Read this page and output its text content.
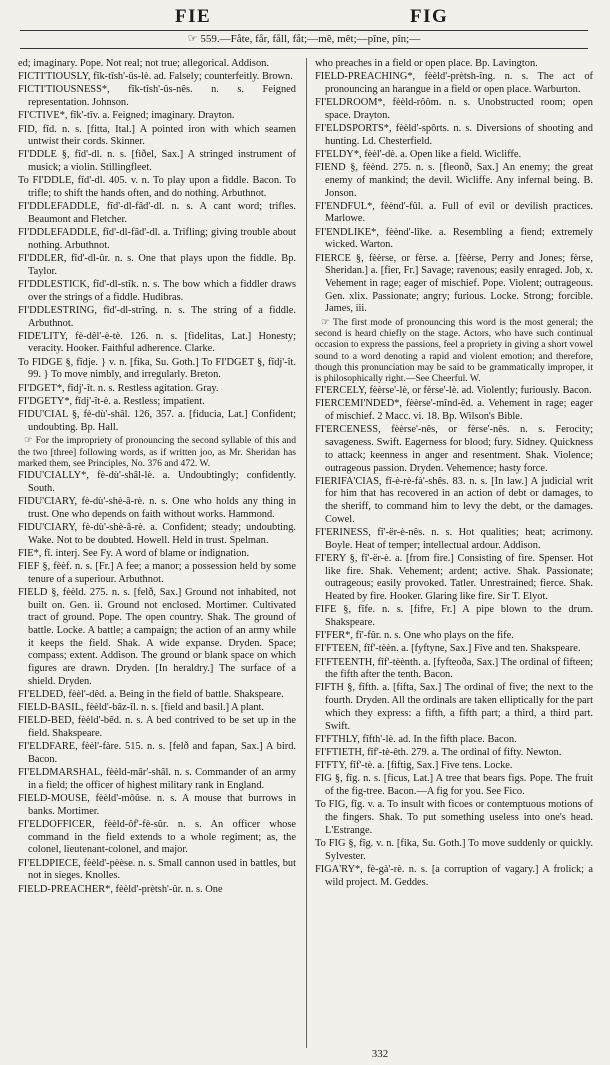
FIE	FIG
☞ 559.—Fåte, får, fåll, fåt;—mê, mêt;—pîne, pîn;—

ed; imaginary. Pope. Not real; not true; allegorical. Addison.

FICTI'TIOUSLY, fîk-tîsh'-ûs-lè. ad. Falsely; counterfeitly. Brown.

FICTI'TIOUSNESS*, fîk-tîsh'-ûs-nês. n. s. Feigned representation. Johnson.

FI'CTIVE*, fîk'-tîv. a. Feigned; imaginary. Drayton.

FID, fîd. n. s. [fitta, Ital.] A pointed iron with which seamen untwist their cords. Skinner.

FI'DDLE §, fîd'-dl. n. s. [fiðel, Sax.] A stringed instrument of musick; a violin. Stillingfleet.

To FI'DDLE, fîd'-dl. 405. v. n. To play upon a fiddle. Bacon. To trifle; to shift the hands often, and do nothing. Arbuthnot.

FI'DDLEFADDLE, fîd'-dl-fâd'-dl. n. s. A cant word; trifles. Beaumont and Fletcher.

FI'DDLEFADDLE, fîd'-dl-fâd'-dl. a. Trifling; giving trouble about nothing. Arbuthnot.

FI'DDLER, fîd'-dl-ûr. n. s. One that plays upon the fiddle. Bp. Taylor.

FI'DDLESTICK, fîd'-dl-stîk. n. s. The bow which a fiddler draws over the strings of a fiddle. Hudibras.

FI'DDLESTRING, fîd'-dl-strîng. n. s. The string of a fiddle. Arbuthnot.

FIDE'LITY, fè-dêl'-è-tè. 126. n. s. [fidelitas, Lat.] Honesty; veracity. Hooker. Faithful adherence. Clarke.

To FIDGE §, fîdje. } v. n. [fika, Su. Goth.] To FI'DGET §, fîdj'-ît. 99. } To move nimbly, and irregularly. Breton.

FI'DGET*, fîdj'-ît. n. s. Restless agitation. Gray.

FI'DGETY*, fîdj'-ît-è. a. Restless; impatient.

FIDU'CIAL §, fè-dù'-shâl. 126, 357. a. [fiducia, Lat.] Confident; undoubting. Bp. Hall.

☞ For the impropriety of pronouncing the second syllable of this and the two [three] following words, as if written joo, as Mr. Sheridan has marked them, see Principles, No. 376 and 472. W.

FIDU'CIALLY*, fè-dù'-shâl-lè. a. Undoubtingly; confidently. South.

FIDU'CIARY, fè-dù'-shè-â-rè. n. s. One who holds any thing in trust. One who depends on faith without works. Hammond.

FIDU'CIARY, fè-dù'-shè-â-rè. a. Confident; steady; undoubting. Wake. Not to be doubted. Howell. Held in trust. Spelman.

FIE*, fî. interj. See Fy. A word of blame or indignation.

FIEF §, fèèf. n. s. [Fr.] A fee; a manor; a possession held by some tenure of a superiour. Arbuthnot.

FIELD §, fèèld. 275. n. s. [felð, Sax.] Ground not inhabited, not built on. Gen. ii. Ground not enclosed. Mortimer. Cultivated tract of ground. Pope. The open country. Shak. The ground of battle. Locke. A battle; a campaign; the action of an army while it keeps the field. Shak. A wide expanse. Dryden. Space; compass; extent. Addison. The ground or blank space on which figures are drawn. Dryden. [In heraldry.] The surface of a shield. Dryden.

FI'ELDED, fèèl'-dêd. a. Being in the field of battle. Shakspeare.

FIELD-BASIL, fèèld'-bâz-îl. n. s. [field and basil.] A plant.

FIELD-BED, fèèld'-bêd. n. s. A bed contrived to be set up in the field. Shakspeare.

FI'ELDFARE, fèèl'-fàre. 515. n. s. [felð and fapan, Sax.] A bird. Bacon.

FI'ELDMARSHAL, fèèld-mâr'-shâl. n. s. Commander of an army in a field; the officer of highest military rank in England.

FIELD-MOUSE, fèèld'-môûse. n. s. A mouse that burrows in banks. Mortimer.

FI'ELDOFFICER, fèèld-ôf'-fè-sûr. n. s. An officer whose command in the field extends to a whole regiment; as, the colonel, lieutenant-colonel, and major.

FI'ELDPIECE, fèèld'-pèèse. n. s. Small cannon used in battles, but not in sieges. Knolles.

FIELD-PREACHER*, fèèld'-prètsh'-ûr. n. s. One

who preaches in a field or open place. Bp. Lavington.

FIELD-PREACHING*, fèèld'-prètsh-îng. n. s. The act of pronouncing an harangue in a field or open place. Warburton.

FI'ELDROOM*, fèèld-rôôm. n. s. Unobstructed room; open space. Drayton.

FI'ELDSPORTS*, fèèld'-spôrts. n. s. Diversions of shooting and hunting. Ld. Chesterfield.

FI'ELDY*, fèèl'-dè. a. Open like a field. Wicliffe.

FIEND §, fèènd. 275. n. s. [fleonð, Sax.] An enemy; the great enemy of mankind; the devil. Wicliffe. Any infernal being. B. Jonson.

FI'ENDFUL*, fèènd'-fûl. a. Full of evil or devilish practices. Marlowe.

FI'ENDLIKE*, fèènd'-lîke. a. Resembling a fiend; extremely wicked. Warton.

FIERCE §, fèèrse, or fèrse. a. [fèèrse, Perry and Jones; fèrse, Sheridan.] a. [fier, Fr.] Savage; ravenous; easily enraged. Job, x. Vehement in rage; eager of mischief. Pope. Violent; outrageous. Gen. xlix. Passionate; angry; furious. Locke. Strong; forcible. James, iii.

☞ The first mode of pronouncing this word is the most general; the second is heard chiefly on the stage. Actors, who have such continual occasion to express the passions, feel a propriety in giving a short vowel sound to a word denoting a rapid and violent emotion; and therefore, though this pronunciation may be said to be grammatically improper, it is philosophically right.—See Cheerful. W.

FI'ERCELY, fèèrse'-lè, or fèrse'-lè. ad. Violently; furiously. Bacon.

FIERCEMI'NDED*, fèèrse'-mînd-êd. a. Vehement in rage; eager of mischief. 2 Macc. vi. 18. Bp. Wilson's Bible.

FI'ERCENESS, fèèrse'-nês, or fèrse'-nês. n. s. Ferocity; savageness. Swift. Eagerness for blood; fury. Sidney. Quickness to attack; keenness in anger and resentment. Shak. Violence; outrageous passion. Dryden. Vehemence; hasty force.

FIERIFA'CIAS, fî-è-rè-fà'-shês. 83. n. s. [In law.] A judicial writ for him that has recovered in an action of debt or damages, to the sheriff, to command him to levy the debt, or the damages. Cowel.

FI'ERINESS, fî'-ër-è-nês. n. s. Hot qualities; heat; acrimony. Boyle. Heat of temper; intellectual ardour. Addison.

FI'ERY §, fî'-ër-è. a. [from fire.] Consisting of fire. Spenser. Hot like fire. Shak. Vehement; ardent; active. Shak. Passionate; outrageous; easily provoked. Tatler. Unrestrained; fierce. Shak. Heated by fire. Hooker. Glaring like fire. Sir T. Elyot.

FIFE §, fîfe. n. s. [fifre, Fr.] A pipe blown to the drum. Shakspeare.

FI'FER*, fî'-fûr. n. s. One who plays on the fife.

FI'FTEEN, fîf'-tèèn. a. [fyftyne, Sax.] Five and ten. Shakspeare.

FI'FTEENTH, fîf'-tèènth. a. [fyfteoða, Sax.] The ordinal of fifteen; the fifth after the tenth. Bacon.

FIFTH §, fîfth. a. [fifta, Sax.] The ordinal of five; the next to the fourth. Dryden. All the ordinals are taken elliptically for the part which they express: a fifth, a fifth part; a third, a third part. Swift.

FI'FTHLY, fîfth'-lè. ad. In the fifth place. Bacon.

FI'FTIETH, fîf'-tè-êth. 279. a. The ordinal of fifty. Newton.

FI'FTY, fîf'-tè. a. [fiftig, Sax.] Five tens. Locke.

FIG §, fîg. n. s. [ficus, Lat.] A tree that bears figs. Pope. The fruit of the fig-tree. Bacon.—A fig for you. See Fico.

To FIG, fîg. v. a. To insult with ficoes or contemptuous motions of the fingers. Shak. To put something useless into one's head. L'Estrange.

To FIG §, fîg. v. n. [fika, Su. Goth.] To move suddenly or quickly. Sylvester.

FIGA'RY*, fè-gà'-rè. n. s. [a corruption of vagary.] A frolick; a wild project. M. Geddes.

332
